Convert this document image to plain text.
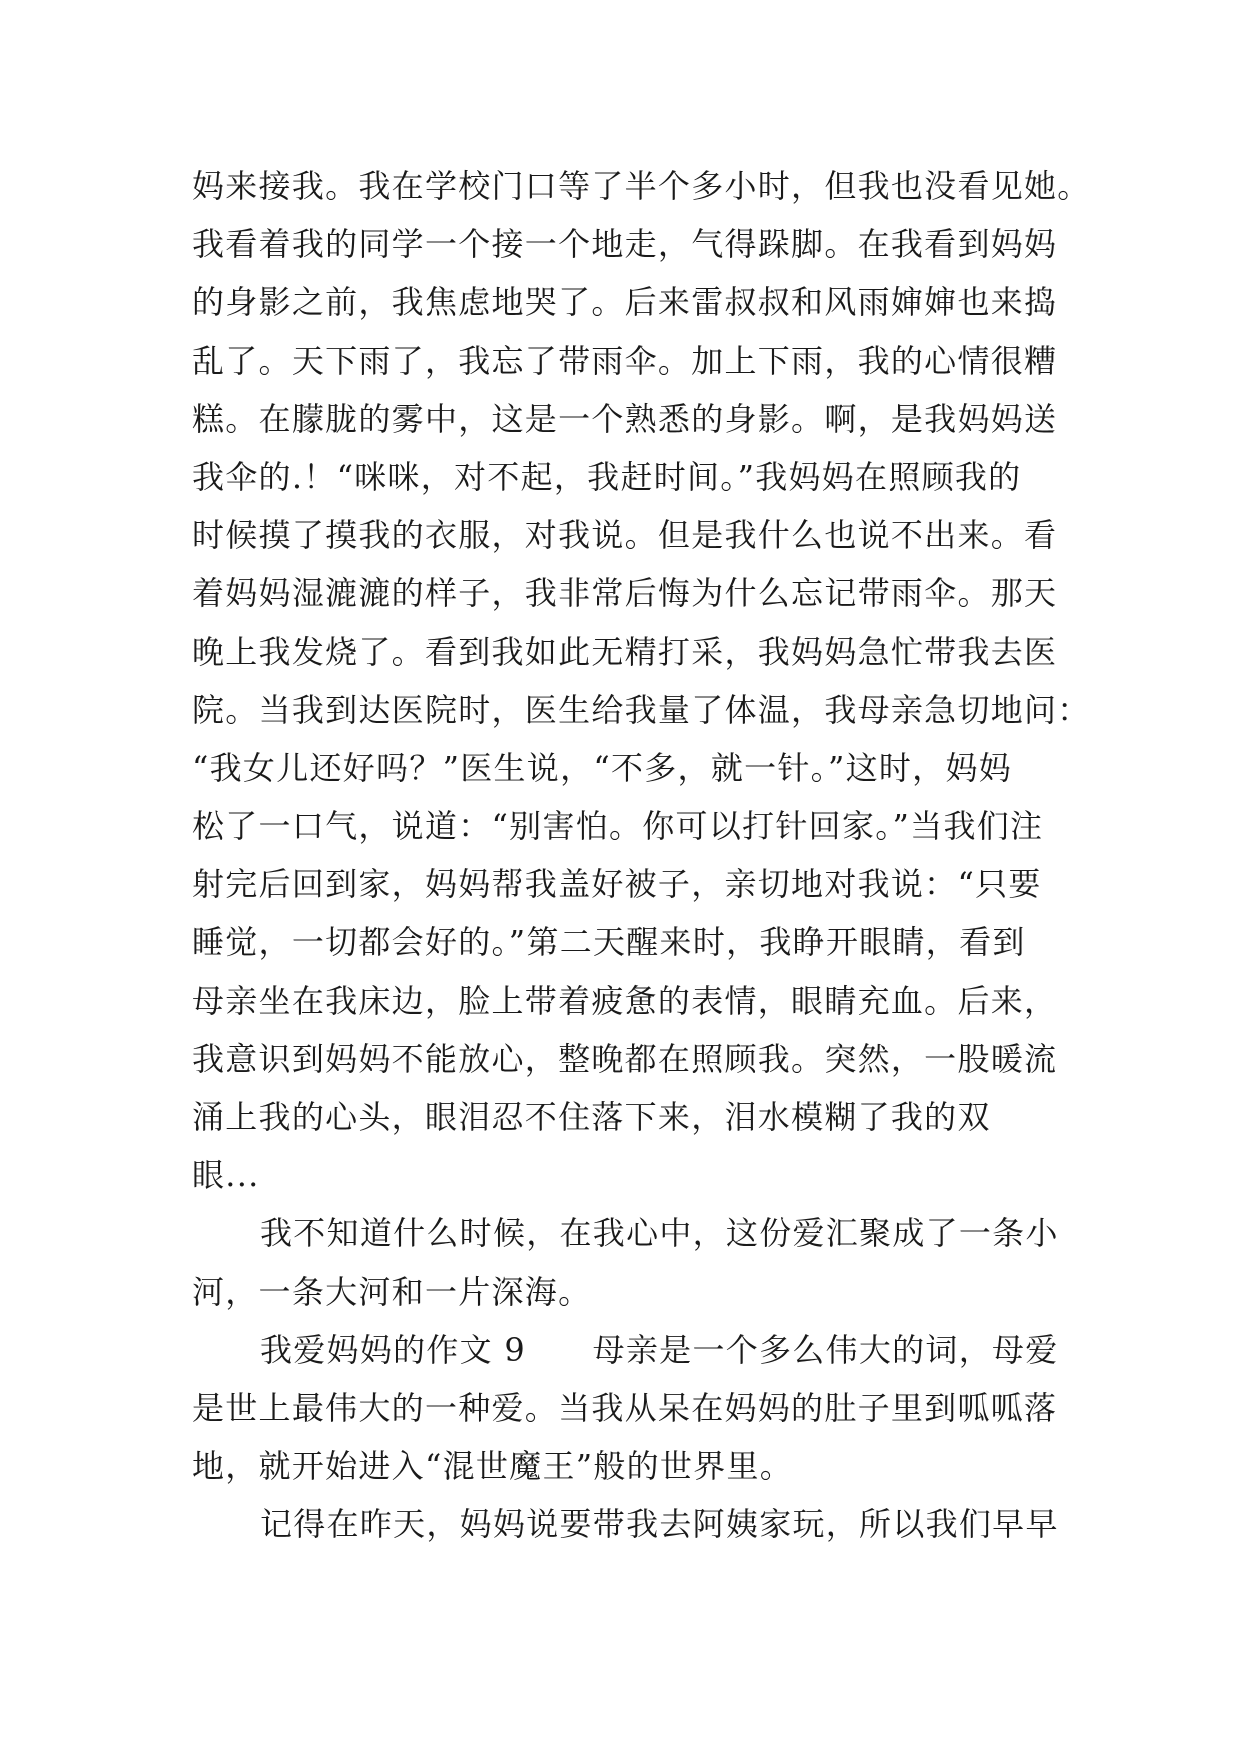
妈来接我。我在学校门口等了半个多小时，但我也没看见她。
我看着我的同学一个接一个地走，气得跺脚。在我看到妈妈
的身影之前，我焦虑地哭了。后来雷叔叔和风雨婶婶也来捣
乱了。天下雨了，我忘了带雨伞。加上下雨，我的心情很糟
糕。在朦胧的雾中，这是一个熟悉的身影。啊，是我妈妈送
我伞的.！“咪咪，对不起，我赶时间。”我妈妈在照顾我的
时候摸了摸我的衣服，对我说。但是我什么也说不出来。看
着妈妈湿漉漉的样子，我非常后悔为什么忘记带雨伞。那天
晚上我发烧了。看到我如此无精打采，我妈妈急忙带我去医
院。当我到达医院时，医生给我量了体温，我母亲急切地问：
“我女儿还好吗？”医生说，“不多，就一针。”这时，妈妈
松了一口气，说道：“别害怕。你可以打针回家。”当我们注
射完后回到家，妈妈帮我盖好被子，亲切地对我说：“只要
睡觉，一切都会好的。”第二天醒来时，我睁开眼睛，看到
母亲坐在我床边，脸上带着疲惫的表情，眼睛充血。后来，
我意识到妈妈不能放心，整晚都在照顾我。突然，一股暖流
涌上我的心头，眼泪忍不住落下来，泪水模糊了我的双
眼...
我不知道什么时候，在我心中，这份爱汇聚成了一条小
河，一条大河和一片深海。
我爱妈妈的作文 9　　母亲是一个多么伟大的词，母爱
是世上最伟大的一种爱。当我从呆在妈妈的肚子里到呱呱落
地，就开始进入“混世魔王”般的世界里。
记得在昨天，妈妈说要带我去阿姨家玩，所以我们早早
